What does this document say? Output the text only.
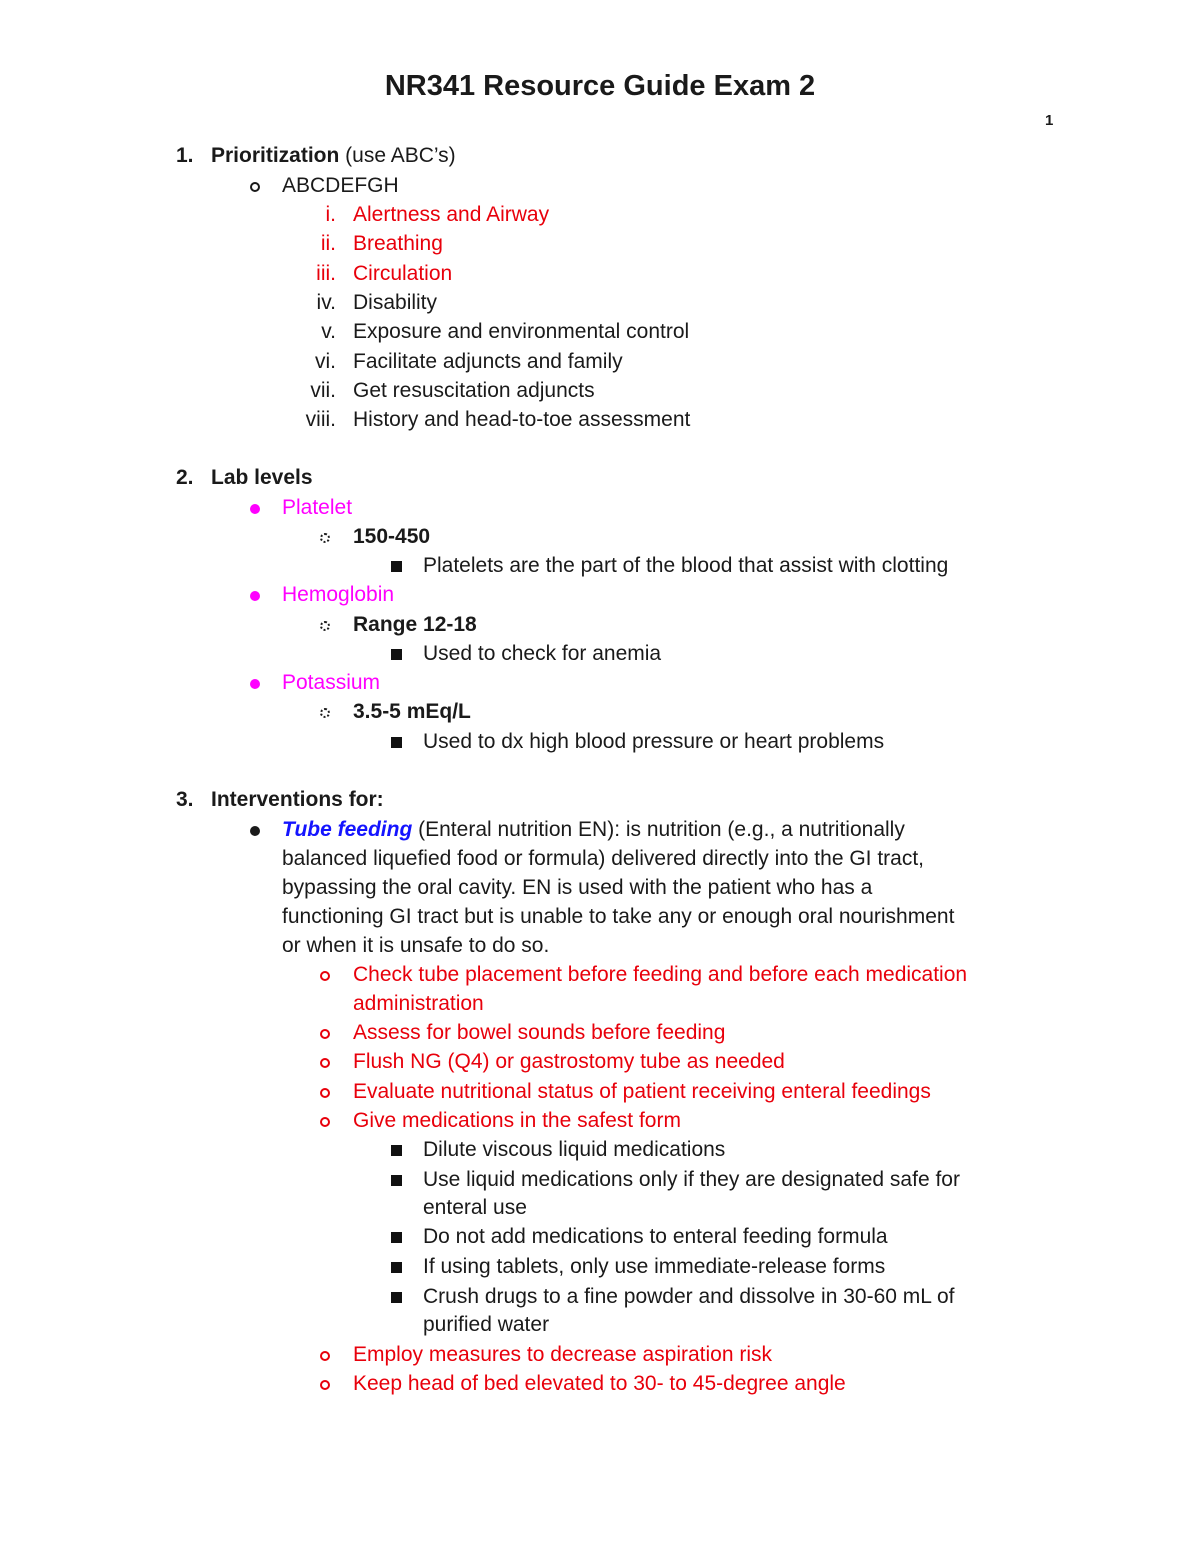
NR341 Resource Guide Exam 2
1
1. Prioritization (use ABC’s)
ABCDEFGH
i. Alertness and Airway
ii. Breathing
iii. Circulation
iv. Disability
v. Exposure and environmental control
vi. Facilitate adjuncts and family
vii. Get resuscitation adjuncts
viii. History and head-to-toe assessment
2. Lab levels
Platelet
150-450
Platelets are the part of the blood that assist with clotting
Hemoglobin
Range 12-18
Used to check for anemia
Potassium
3.5-5 mEq/L
Used to dx high blood pressure or heart problems
3. Interventions for:
Tube feeding (Enteral nutrition EN): is nutrition (e.g., a nutritionally
balanced liquefied food or formula) delivered directly into the GI tract,
bypassing the oral cavity. EN is used with the patient who has a
functioning GI tract but is unable to take any or enough oral nourishment
or when it is unsafe to do so.
Check tube placement before feeding and before each medication
administration
Assess for bowel sounds before feeding
Flush NG (Q4) or gastrostomy tube as needed
Evaluate nutritional status of patient receiving enteral feedings
Give medications in the safest form
Dilute viscous liquid medications
Use liquid medications only if they are designated safe for
enteral use
Do not add medications to enteral feeding formula
If using tablets, only use immediate-release forms
Crush drugs to a fine powder and dissolve in 30-60 mL of
purified water
Employ measures to decrease aspiration risk
Keep head of bed elevated to 30- to 45-degree angle
